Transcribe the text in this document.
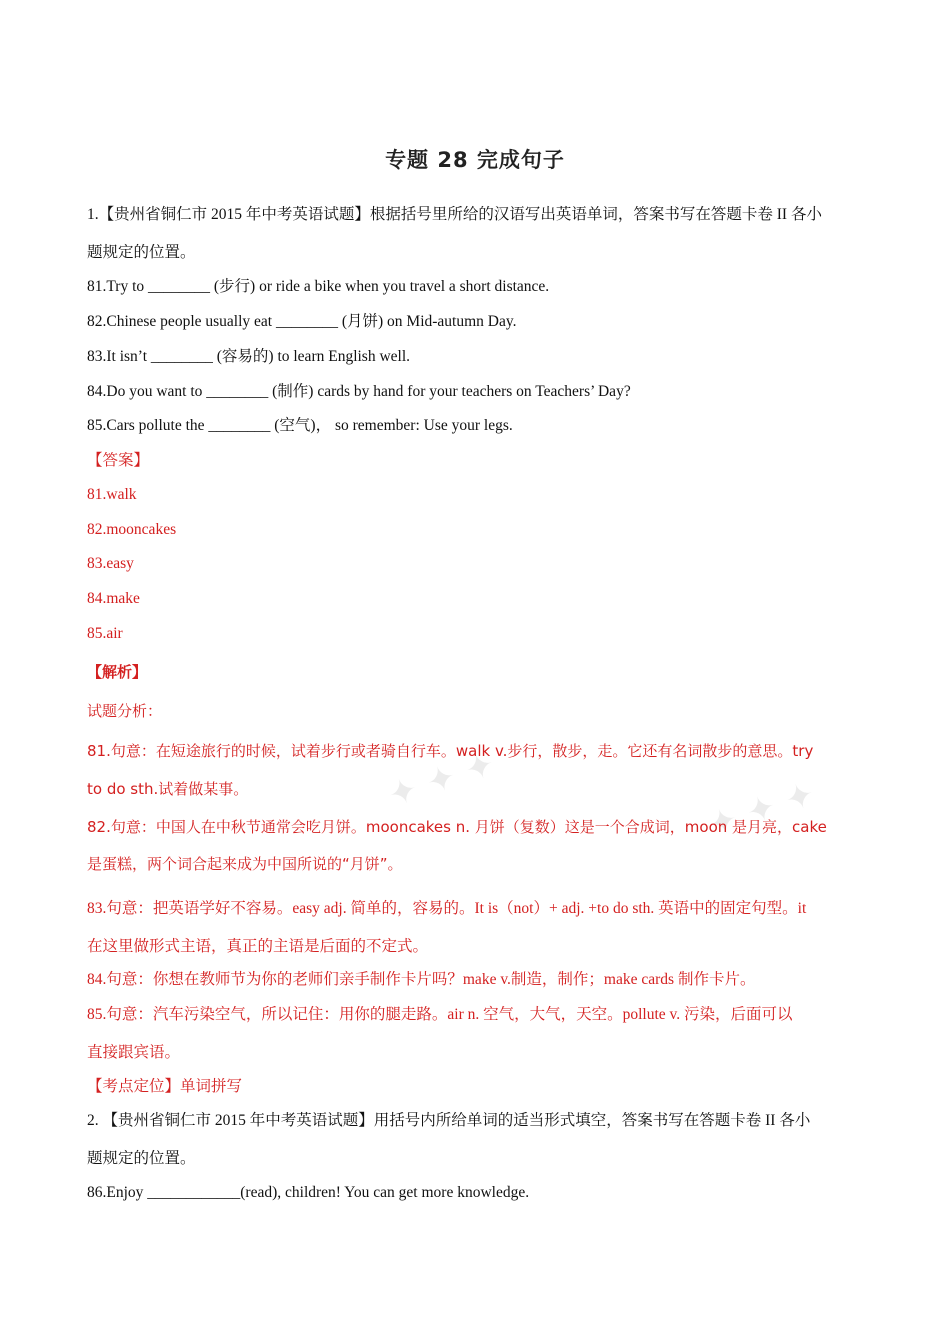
专题 28 完成句子
1.【贵州省铜仁市 2015 年中考英语试题】根据括号里所给的汉语写出英语单词，答案书写在答题卡卷 II 各小
题规定的位置。
81.Try to ________ (步行) or ride a bike when you travel a short distance.
82.Chinese people usually eat ________ (月饼) on Mid-autumn Day.
83.It isn’t ________ (容易的) to learn English well.
84.Do you want to ________ (制作) cards by hand for your teachers on Teachers’ Day?
85.Cars pollute the ________ (空气)， so remember: Use your legs.
【答案】
81.walk
82.mooncakes
83.easy
84.make
85.air
【解析】
试题分析：
✦ ✦ ✦	✦ ✦ ✦
81.句意：在短途旅行的时候，试着步行或者骑自行车。walk v.步行，散步，走。它还有名词散步的意思。try
to do sth.试着做某事。
82.句意：中国人在中秋节通常会吃月饼。mooncakes n. 月饼（复数）这是一个合成词，moon 是月亮，cake
是蛋糕，两个词合起来成为中国所说的“月饼”。
83.句意：把英语学好不容易。easy adj. 简单的，容易的。It is（not）+ adj. +to do sth. 英语中的固定句型。it
在这里做形式主语，真正的主语是后面的不定式。
84.句意：你想在教师节为你的老师们亲手制作卡片吗？make v.制造，制作；make cards 制作卡片。
85.句意：汽车污染空气，所以记住：用你的腿走路。air n. 空气，大气，天空。pollute v. 污染，后面可以
直接跟宾语。
【考点定位】单词拼写
2. 【贵州省铜仁市 2015 年中考英语试题】用括号内所给单词的适当形式填空，答案书写在答题卡卷 II 各小
题规定的位置。
86.Enjoy ____________(read), children! You can get more knowledge.
